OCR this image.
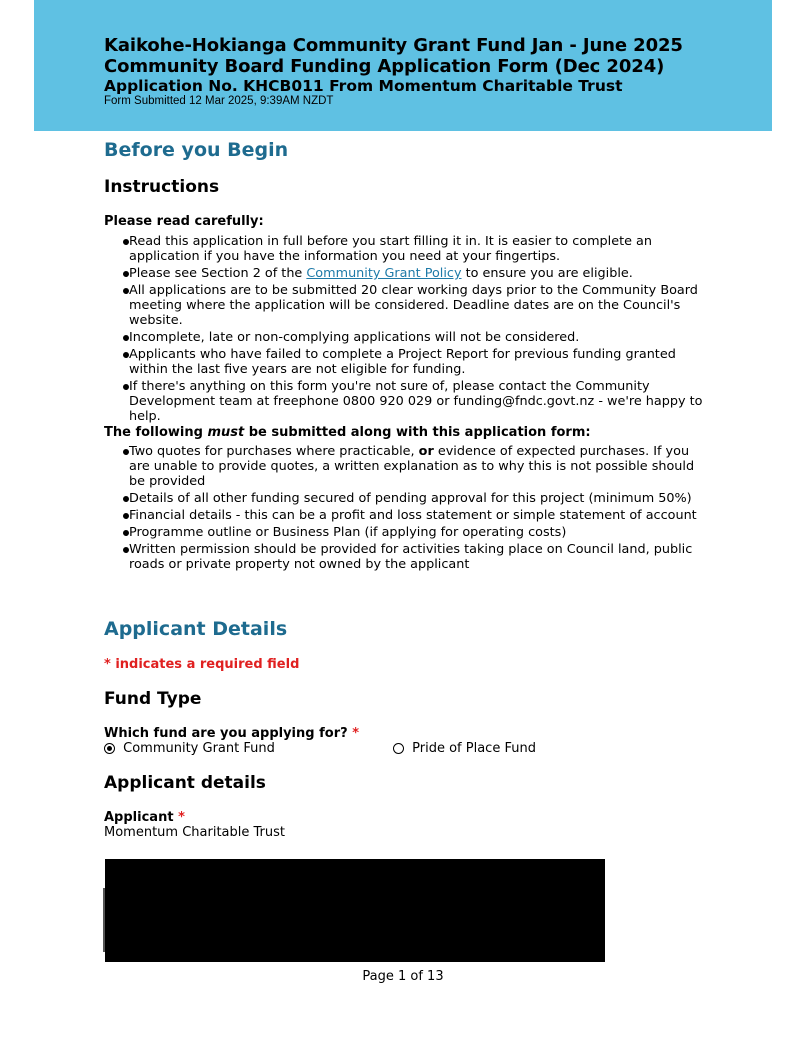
Kaikohe-Hokianga Community Grant Fund Jan - June 2025
Community Board Funding Application Form (Dec 2024)
Application No. KHCB011 From Momentum Charitable Trust
Form Submitted 12 Mar 2025, 9:39AM NZDT
Before you Begin
Instructions
Please read carefully:
Read this application in full before you start filling it in. It is easier to complete an application if you have the information you need at your fingertips.
Please see Section 2 of the Community Grant Policy to ensure you are eligible.
All applications are to be submitted 20 clear working days prior to the Community Board meeting where the application will be considered. Deadline dates are on the Council's website.
Incomplete, late or non-complying applications will not be considered.
Applicants who have failed to complete a Project Report for previous funding granted within the last five years are not eligible for funding.
If there's anything on this form you're not sure of, please contact the Community Development team at freephone 0800 920 029 or funding@fndc.govt.nz - we're happy to help.
The following must be submitted along with this application form:
Two quotes for purchases where practicable, or evidence of expected purchases. If you are unable to provide quotes, a written explanation as to why this is not possible should be provided
Details of all other funding secured of pending approval for this project (minimum 50%)
Financial details - this can be a profit and loss statement or simple statement of account
Programme outline or Business Plan (if applying for operating costs)
Written permission should be provided for activities taking place on Council land, public roads or private property not owned by the applicant
Applicant Details
* indicates a required field
Fund Type
Which fund are you applying for? *
Community Grant Fund	Pride of Place Fund
Applicant details
Applicant *
Momentum Charitable Trust
Page 1 of 13
